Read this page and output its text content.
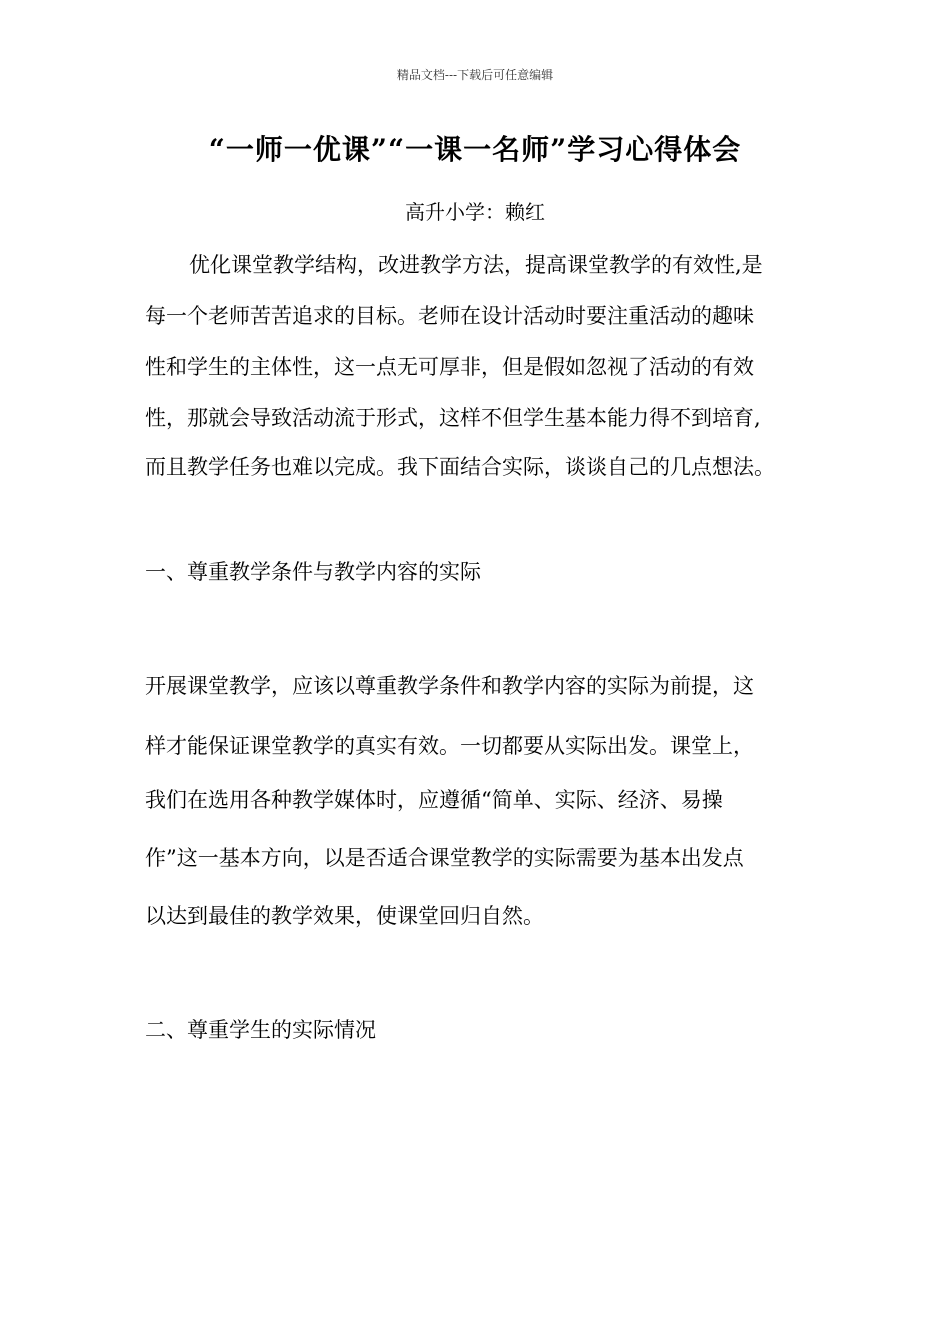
精品文档---下载后可任意编辑
“一师一优课”“一课一名师”学习心得体会
高升小学：赖红
优化课堂教学结构，改进教学方法，提高课堂教学的有效性,是
每一个老师苦苦追求的目标。老师在设计活动时要注重活动的趣味
性和学生的主体性，这一点无可厚非，但是假如忽视了活动的有效
性，那就会导致活动流于形式，这样不但学生基本能力得不到培育,
而且教学任务也难以完成。我下面结合实际，谈谈自己的几点想法。
一、尊重教学条件与教学内容的实际
开展课堂教学，应该以尊重教学条件和教学内容的实际为前提，这
样才能保证课堂教学的真实有效。一切都要从实际出发。课堂上，
我们在选用各种教学媒体时，应遵循“简单、实际、经济、易操
作”这一基本方向，以是否适合课堂教学的实际需要为基本出发点
以达到最佳的教学效果，使课堂回归自然。
二、尊重学生的实际情况
